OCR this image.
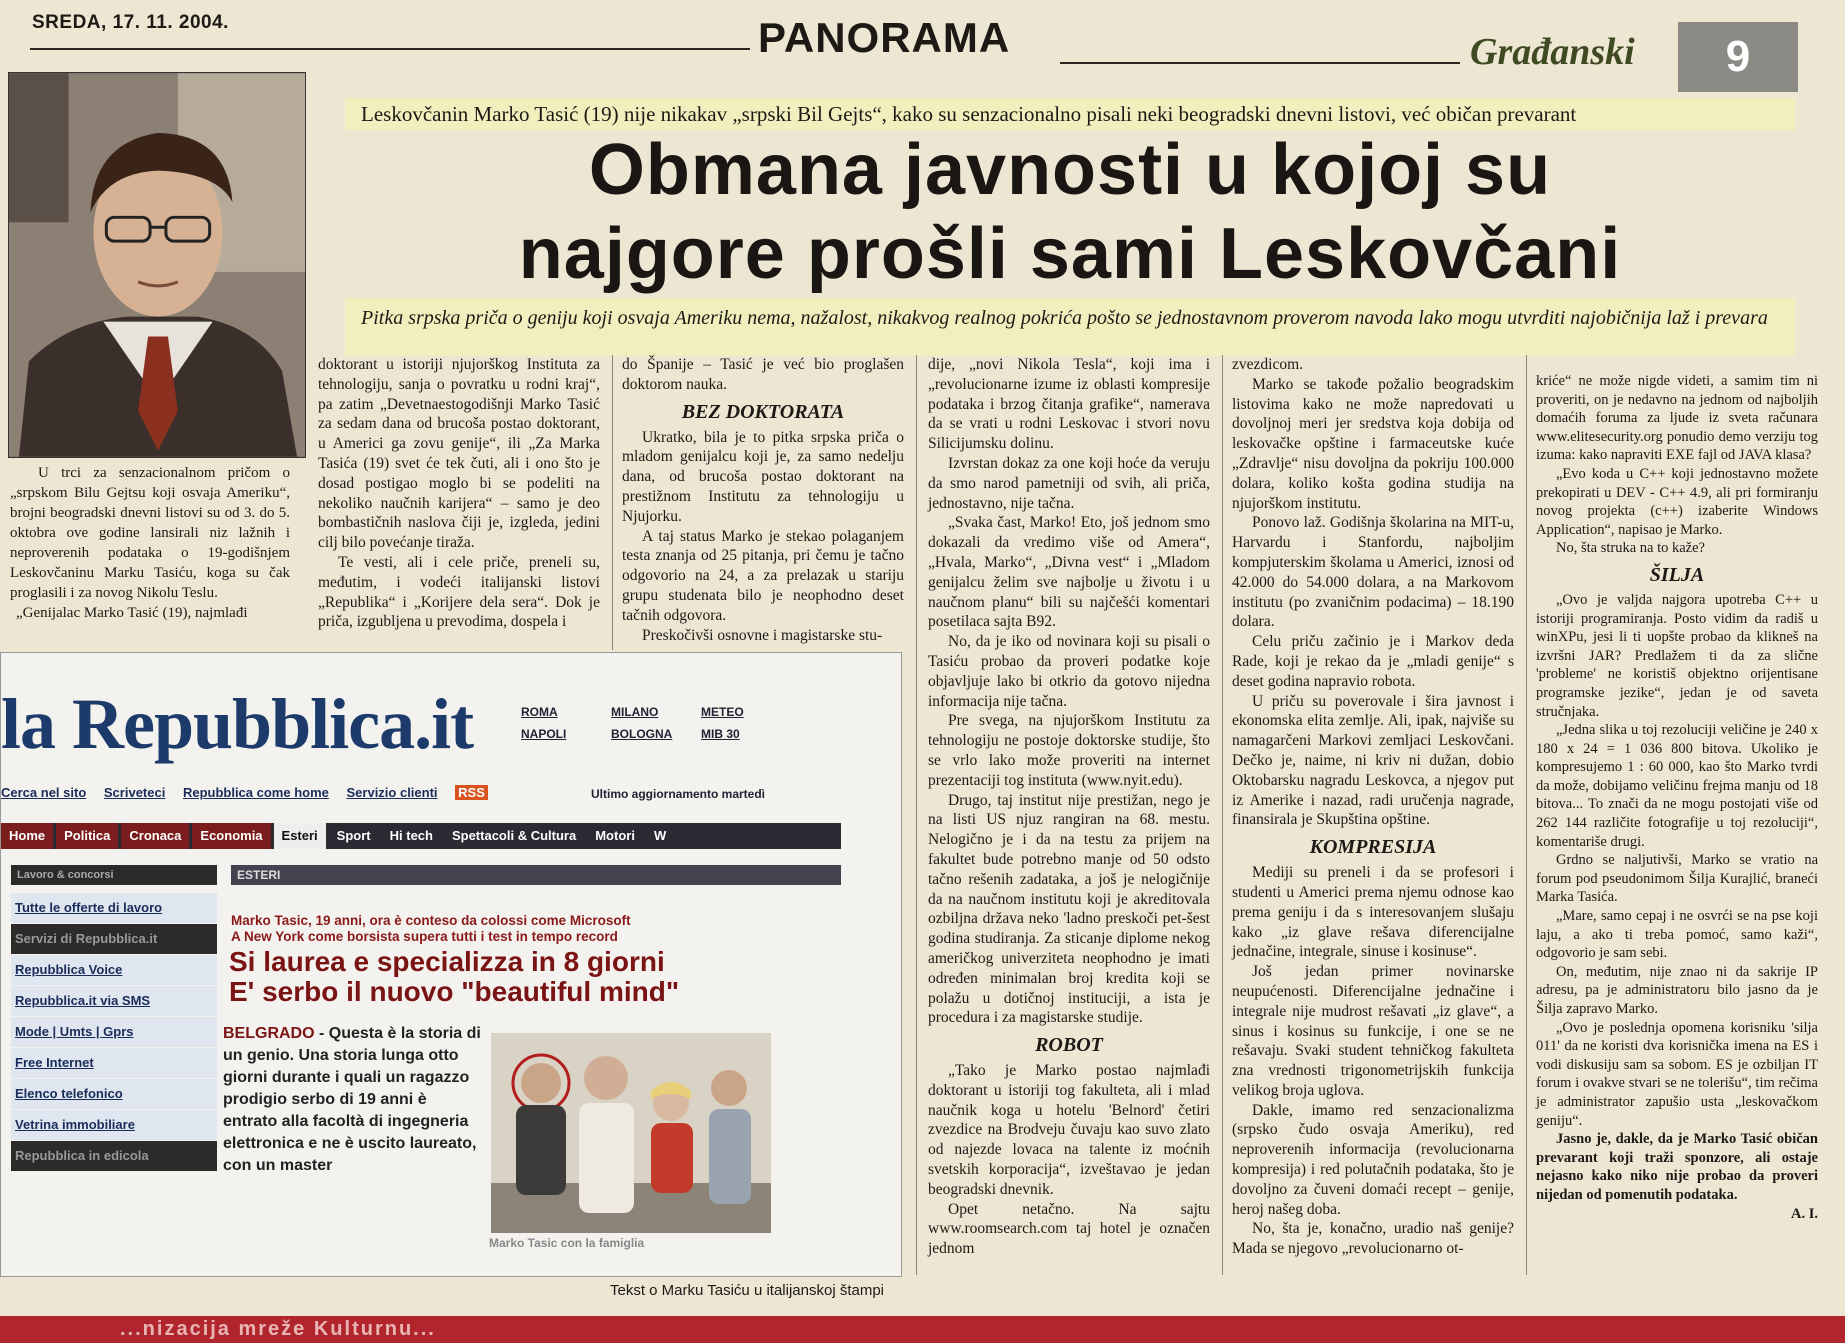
SREDA, 17. 11. 2004.	PANORAMA	Građanski	9

U trci za senzacionalnom pričom o „srpskom Bilu Gejtsu koji osvaja Ameriku“, brojni beogradski dnevni listovi su od 3. do 5. oktobra ove godine lansirali niz lažnih i neproverenih podataka o 19-godišnjem Leskovčaninu Marku Tasiću, koga su čak proglasili i za novog Nikolu Teslu.

„Genijalac Marko Tasić (19), najmlađi

Leskovčanin Marko Tasić (19) nije nikakav „srpski Bil Gejts“, kako su senzacionalno pisali neki beogradski dnevni listovi, već običan prevarant
Obmana javnosti u kojoj su
najgore prošli sami Leskovčani
Pitka srpska priča o geniju koji osvaja Ameriku nema, nažalost, nikakvog realnog pokrića pošto se jednostavnom proverom navoda lako mogu utvrditi najobičnija laž i prevara

doktorant u istoriji njujorškog Instituta za tehnologiju, sanja o povratku u rodni kraj“, pa zatim „Devetnaestogodišnji Marko Tasić za sedam dana od brucoša postao doktorant, u Americi ga zovu genije“, ili „Za Marka Tasića (19) svet će tek čuti, ali i ono što je dosad postigao moglo bi se podeliti na nekoliko naučnih karijera“ – samo je deo bombastičnih naslova čiji je, izgleda, jedini cilj bilo povećanje tiraža.

Te vesti, ali i cele priče, preneli su, međutim, i vodeći italijanski listovi „Republika“ i „Korijere dela sera“. Dok je priča, izgubljena u prevodima, dospela i

do Španije – Tasić je već bio proglašen doktorom nauka.

BEZ DOKTORATA

Ukratko, bila je to pitka srpska priča o mladom genijalcu koji je, za samo nedelju dana, od brucoša postao doktorant na prestižnom Institutu za tehnologiju u Njujorku.

A taj status Marko je stekao polaganjem testa znanja od 25 pitanja, pri čemu je tačno odgovorio na 24, a za prelazak u stariju grupu studenata bilo je neophodno deset tačnih odgovora.

Preskočivši osnovne i magistarske stu-

dije, „novi Nikola Tesla“, koji ima i „revolucionarne izume iz oblasti kompresije podataka i brzog čitanja grafike“, namerava da se vrati u rodni Leskovac i stvori novu Silicijumsku dolinu.

Izvrstan dokaz za one koji hoće da veruju da smo narod pametniji od svih, ali priča, jednostavno, nije tačna.

„Svaka čast, Marko! Eto, još jednom smo dokazali da vredimo više od Amera“, „Hvala, Marko“, „Divna vest“ i „Mladom genijalcu želim sve najbolje u životu i u naučnom planu“ bili su najčešći komentari posetilaca sajta B92.

No, da je iko od novinara koji su pisali o Tasiću probao da proveri podatke koje objavljuje lako bi otkrio da gotovo nijedna informacija nije tačna.

Pre svega, na njujorškom Institutu za tehnologiju ne postoje doktorske studije, što se vrlo lako može proveriti na internet prezentaciji tog instituta (www.nyit.edu).

Drugo, taj institut nije prestižan, nego je na listi US njuz rangiran na 68. mestu. Nelogično je i da na testu za prijem na fakultet bude potrebno manje od 50 odsto tačno rešenih zadataka, a još je nelogičnije da na naučnom institutu koji je akreditovala ozbiljna država neko 'ladno preskoči pet-šest godina studiranja. Za sticanje diplome nekog američkog univerziteta neophodno je imati određen minimalan broj kredita koji se polažu u dotičnoj instituciji, a ista je procedura i za magistarske studije.

ROBOT

„Tako je Marko postao najmlađi doktorant u istoriji tog fakulteta, ali i mlad naučnik koga u hotelu 'Belnord' četiri zvezdice na Brodveju čuvaju kao suvo zlato od najezde lovaca na talente iz moćnih svetskih korporacija“, izveštavao je jedan beogradski dnevnik.

Opet netačno. Na sajtu www.roomsearch.com taj hotel je označen jednom

zvezdicom.

Marko se takođe požalio beogradskim listovima kako ne može napredovati u dovoljnoj meri jer sredstva koja dobija od leskovačke opštine i farmaceutske kuće „Zdravlje“ nisu dovoljna da pokriju 100.000 dolara, koliko košta godina studija na njujorškom institutu.

Ponovo laž. Godišnja školarina na MIT-u, Harvardu i Stanfordu, najboljim kompjuterskim školama u Americi, iznosi od 42.000 do 54.000 dolara, a na Markovom institutu (po zvaničnim podacima) – 18.190 dolara.

Celu priču začinio je i Markov deda Rade, koji je rekao da je „mladi genije“ s deset godina napravio robota.

U priču su poverovale i šira javnost i ekonomska elita zemlje. Ali, ipak, najviše su namagarčeni Markovi zemljaci Leskovčani. Dečko je, naime, ni kriv ni dužan, dobio Oktobarsku nagradu Leskovca, a njegov put iz Amerike i nazad, radi uručenja nagrade, finansirala je Skupština opštine.

KOMPRESIJA

Mediji su preneli i da se profesori i studenti u Americi prema njemu odnose kao prema geniju i da s interesovanjem slušaju kako „iz glave rešava diferencijalne jednačine, integrale, sinuse i kosinuse“.

Još jedan primer novinarske neupućenosti. Diferencijalne jednačine i integrale nije mudrost rešavati „iz glave“, a sinus i kosinus su funkcije, i one se ne rešavaju. Svaki student tehničkog fakulteta zna vrednosti trigonometrijskih funkcija velikog broja uglova.

Dakle, imamo red senzacionalizma (srpsko čudo osvaja Ameriku), red neproverenih informacija (revolucionarna kompresija) i red polutačnih podataka, što je dovoljno za čuveni domaći recept – genije, heroj našeg doba.

No, šta je, konačno, uradio naš genije? Mada se njegovo „revolucionarno ot-

kriće“ ne može nigde videti, a samim tim ni proveriti, on je nedavno na jednom od najboljih domaćih foruma za ljude iz sveta računara www.elitesecurity.org ponudio demo verziju tog izuma: kako napraviti EXE fajl od JAVA klasa?

„Evo koda u C++ koji jednostavno možete prekopirati u DEV - C++ 4.9, ali pri formiranju novog projekta (c++) izaberite Windows Application“, napisao je Marko.

No, šta struka na to kaže?

ŠILJA

„Ovo je valjda najgora upotreba C++ u istoriji programiranja. Posto vidim da radiš u winXPu, jesi li ti uopšte probao da klikneš na izvršni JAR? Predlažem ti da za slične 'probleme' ne koristiš objektno orijentisane programske jezike“, jedan je od saveta stručnjaka.

„Jedna slika u toj rezoluciji veličine je 240 x 180 x 24 = 1 036 800 bitova. Ukoliko je kompresujemo 1 : 60 000, kao što Marko tvrdi da može, dobijamo veličinu frejma manju od 18 bitova... To znači da ne mogu postojati više od 262 144 različite fotografije u toj rezoluciji“, komentariše drugi.

Grdno se naljutivši, Marko se vratio na forum pod pseudonimom Šilja Kurajlić, braneći Marka Tasića.

„Mare, samo cepaj i ne osvrći se na pse koji laju, a ako ti treba pomoć, samo kaži“, odgovorio je sam sebi.

On, međutim, nije znao ni da sakrije IP adresu, pa je administratoru bilo jasno da je Šilja zapravo Marko.

„Ovo je poslednja opomena korisniku 'silja 011' da ne koristi dva korisnička imena na ES i vodi diskusiju sam sa sobom. ES je ozbiljan IT forum i ovakve stvari se ne tolerišu“, tim rečima je administrator zapušio usta „leskovačkom geniju“.

Jasno je, dakle, da je Marko Tasić običan prevarant koji traži sponzore, ali ostaje nejasno kako niko nije probao da proveri nijedan od pomenutih podataka.

A. I.
la Repubblica.it	ROMA	MILANO	METEO
NAPOLI	BOLOGNA MIB 30
Cerca nel sito Scriveteci Repubblica come home Servizio clienti RSS	Ultimo aggiornamento martedì
Home Politica Cronaca Economia Esteri Sport Hi tech Spettacoli & Cultura Motori W
Lavoro & concorsi
Tutte le offerte di lavoro
Servizi di Repubblica.it
Repubblica Voice
Repubblica.it via SMS
Mode | Umts | Gprs
Free Internet
Elenco telefonico
Vetrina immobiliare
Repubblica in edicola
ESTERI
Marko Tasic, 19 anni, ora è conteso da colossi come Microsoft
A New York come borsista supera tutti i test in tempo record
Si laurea e specializza in 8 giorni
E' serbo il nuovo "beautiful mind"
BELGRADO - Questa è la storia di un genio. Una storia lunga otto giorni durante i quali un ragazzo prodigio serbo di 19 anni è entrato alla facoltà di ingegneria elettronica e ne è uscito laureato, con un master
Marko Tasic con la famiglia
Tekst o Marku Tasiću u italijanskoj štampi
...nizacija mreže Kulturnu...
